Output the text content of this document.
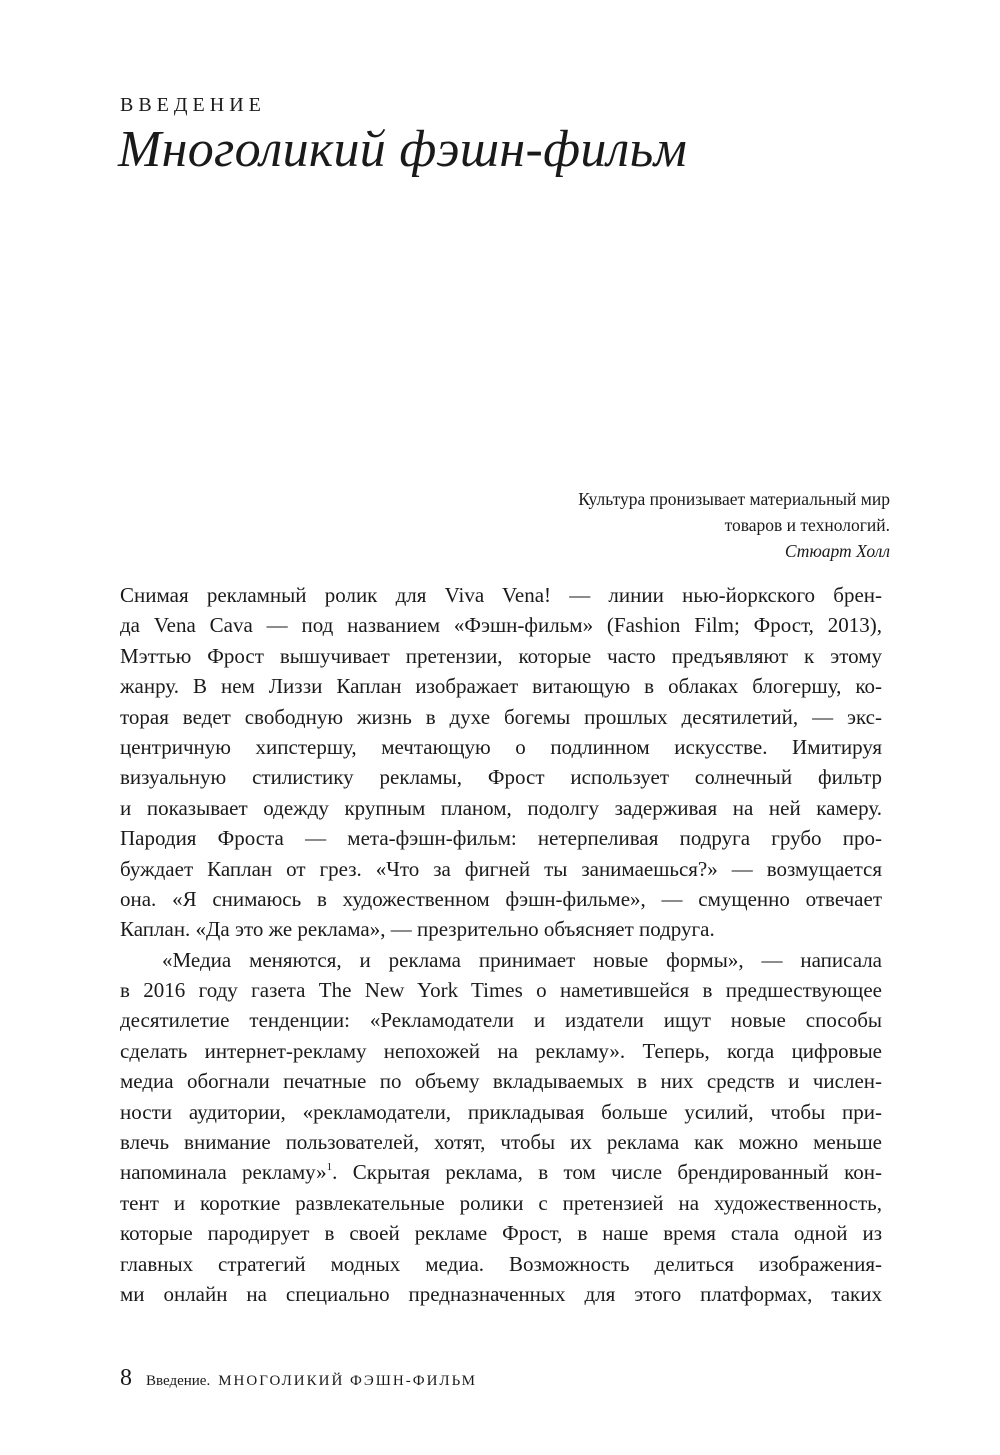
ВВЕДЕНИЕ
Многоликий фэшн-фильм
Культура пронизывает материальный мир
товаров и технологий.
Стюарт Холл
Снимая рекламный ролик для Viva Vena! — линии нью-йоркского брен-
да Vena Cava — под названием «Фэшн-фильм» (Fashion Film; Фрост, 2013),
Мэттью Фрост вышучивает претензии, которые часто предъявляют к этому
жанру. В нем Лиззи Каплан изображает витающую в облаках блогершу, ко-
торая ведет свободную жизнь в духе богемы прошлых десятилетий, — экс-
центричную хипстершу, мечтающую о подлинном искусстве. Имитируя
визуальную стилистику рекламы, Фрост использует солнечный фильтр
и показывает одежду крупным планом, подолгу задерживая на ней камеру.
Пародия Фроста — мета-фэшн-фильм: нетерпеливая подруга грубо про-
буждает Каплан от грез. «Что за фигней ты занимаешься?» — возмущается
она. «Я снимаюсь в художественном фэшн-фильме», — смущенно отвечает
Каплан. «Да это же реклама», — презрительно объясняет подруга.
«Медиа меняются, и реклама принимает новые формы», — написала
в 2016 году газета The New York Times о наметившейся в предшествующее
десятилетие тенденции: «Рекламодатели и издатели ищут новые способы
сделать интернет-рекламу непохожей на рекламу». Теперь, когда цифровые
медиа обогнали печатные по объему вкладываемых в них средств и числен-
ности аудитории, «рекламодатели, прикладывая больше усилий, чтобы при-
влечь внимание пользователей, хотят, чтобы их реклама как можно меньше
напоминала рекламу»$^1$. Скрытая реклама, в том числе брендированный кон-
тент и короткие развлекательные ролики с претензией на художественность,
которые пародирует в своей рекламе Фрост, в наше время стала одной из
главных стратегий модных медиа. Возможность делиться изображения-
ми онлайн на специально предназначенных для этого платформах, таких
8 Введение. МНОГОЛИКИЙ ФЭШН-ФИЛЬМ
